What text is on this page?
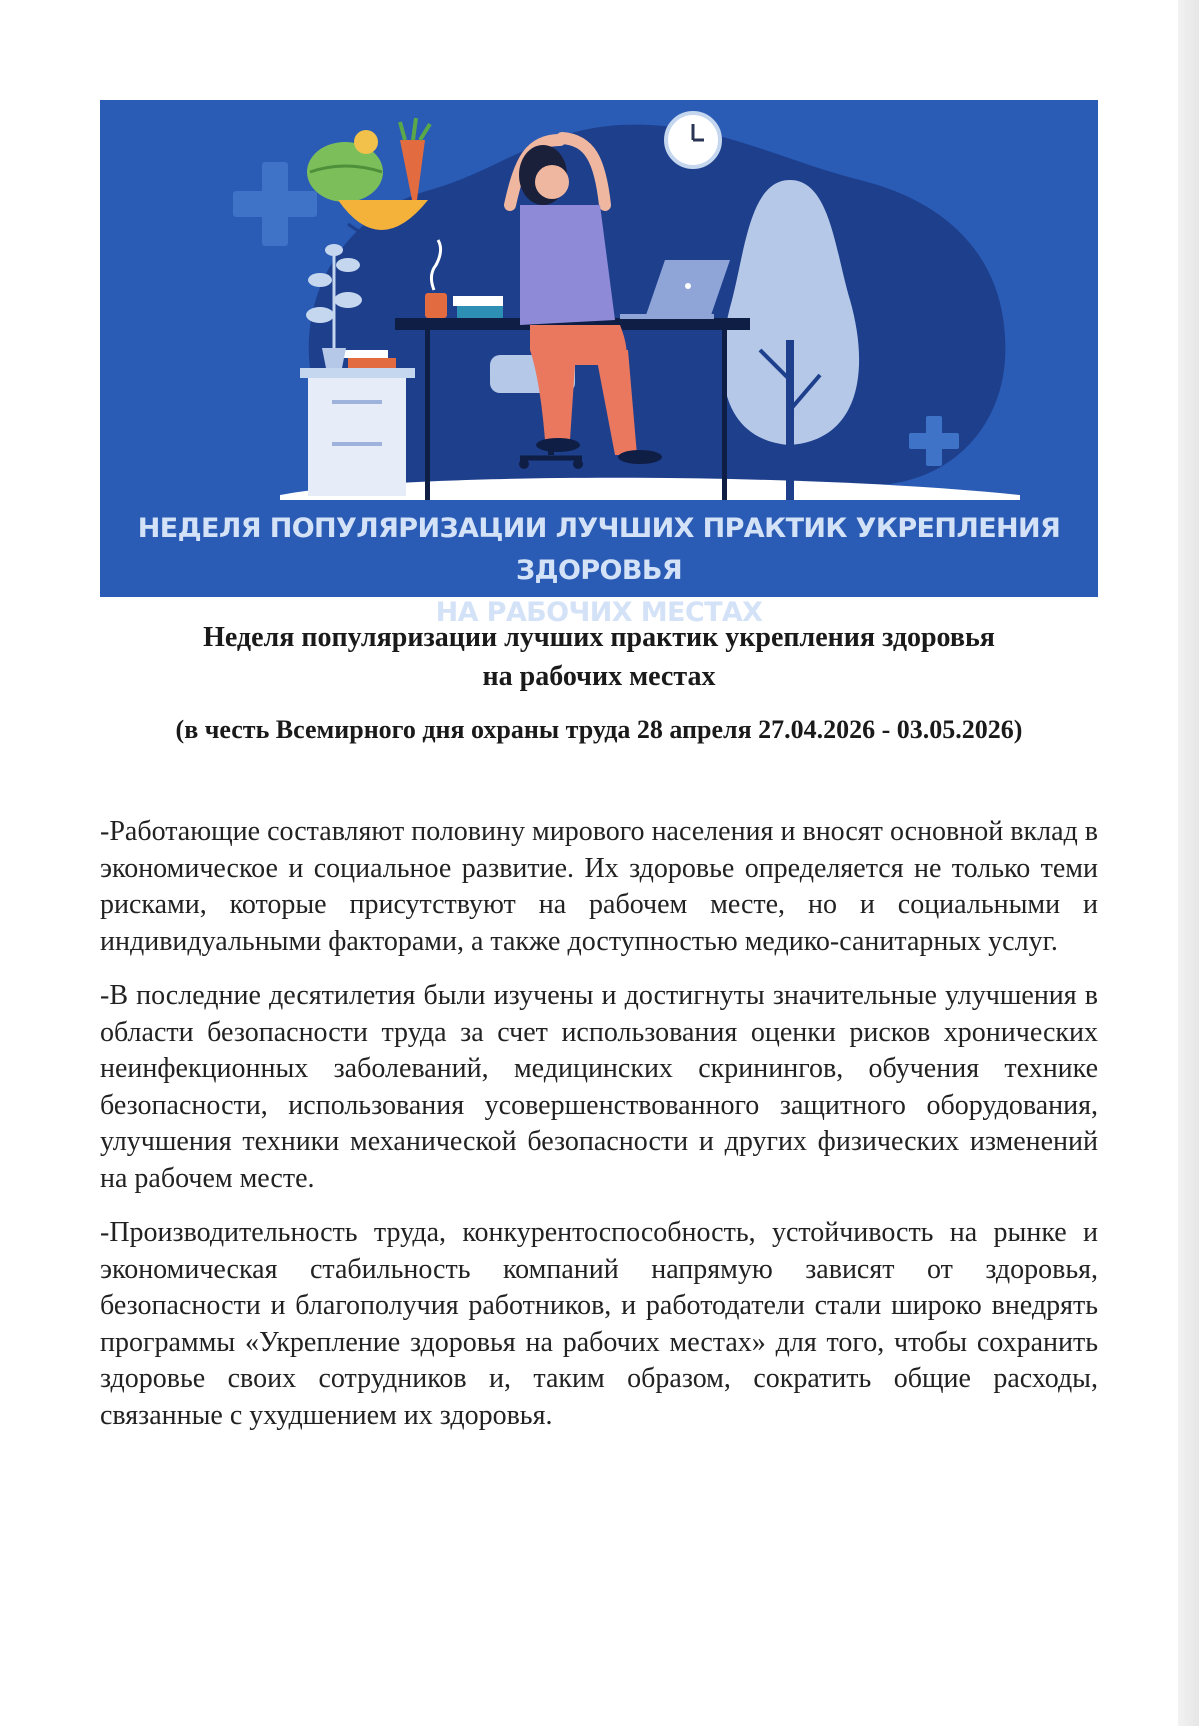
НЕДЕЛЯ ПОПУЛЯРИЗАЦИИ ЛУЧШИХ ПРАКТИК УКРЕПЛЕНИЯ ЗДОРОВЬЯ
НА РАБОЧИХ МЕСТАХ
Неделя популяризации лучших практик укрепления здоровья
на рабочих местах

(в честь Всемирного дня охраны труда 28 апреля 27.04.2026 - 03.05.2026)

-Работающие составляют половину мирового населения и вносят основной вклад в экономическое и социальное развитие. Их здоровье определяется не только теми рисками, которые присутствуют на рабочем месте, но и социальными и индивидуальными факторами, а также доступностью медико-санитарных услуг.

-В последние десятилетия были изучены и достигнуты значительные улучшения в области безопасности труда за счет использования оценки рисков хронических неинфекционных заболеваний, медицинских скринингов, обучения технике безопасности, использования усовершенствованного защитного оборудования, улучшения техники механической безопасности и других физических изменений на рабочем месте.

-Производительность труда, конкурентоспособность, устойчивость на рынке и экономическая стабильность компаний напрямую зависят от здоровья, безопасности и благополучия работников, и работодатели стали широко внедрять программы «Укрепление здоровья на рабочих местах» для того, чтобы сохранить здоровье своих сотрудников и, таким образом, сократить общие расходы, связанные с ухудшением их здоровья.
